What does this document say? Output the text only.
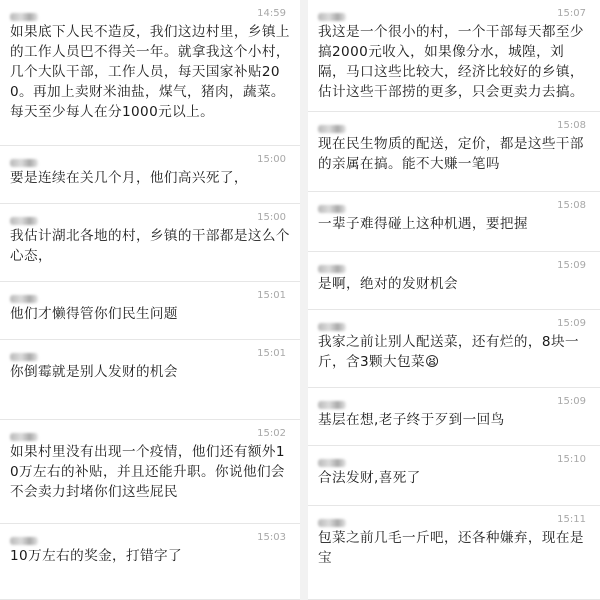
14:59
如果底下人民不造反，我们这边村里，乡镇上的工作人员巴不得关一年。就拿我这个小村，几个大队干部，工作人员，每天国家补贴200。再加上卖财米油盐，煤气，猪肉，蔬菜。每天至少每人在分1000元以上。
15:00
要是连续在关几个月，他们高兴死了，
15:00
我估计湖北各地的村，乡镇的干部都是这么个心态，
15:01
他们才懒得管你们民生问题
15:01
你倒霉就是别人发财的机会
15:02
如果村里没有出现一个疫情，他们还有额外10万左右的补贴，并且还能升职。你说他们会不会卖力封堵你们这些屁民
15:03
10万左右的奖金，打错字了
15:07
我这是一个很小的村，一个干部每天都至少搞2000元收入，如果像分水，城隍，刘隔，马口这些比较大，经济比较好的乡镇，估计这些干部捞的更多，只会更卖力去搞。
15:08
现在民生物质的配送，定价，都是这些干部的亲属在搞。能不大赚一笔吗
15:08
一辈子难得碰上这种机遇，要把握
15:09
是啊，绝对的发财机会
15:09
我家之前让别人配送菜，还有烂的，8块一斤，含3颗大包菜😫
15:09
基层在想,老子终于歹到一回鸟
15:10
合法发财,喜死了
15:11
包菜之前几毛一斤吧，还各种嫌弃，现在是宝
